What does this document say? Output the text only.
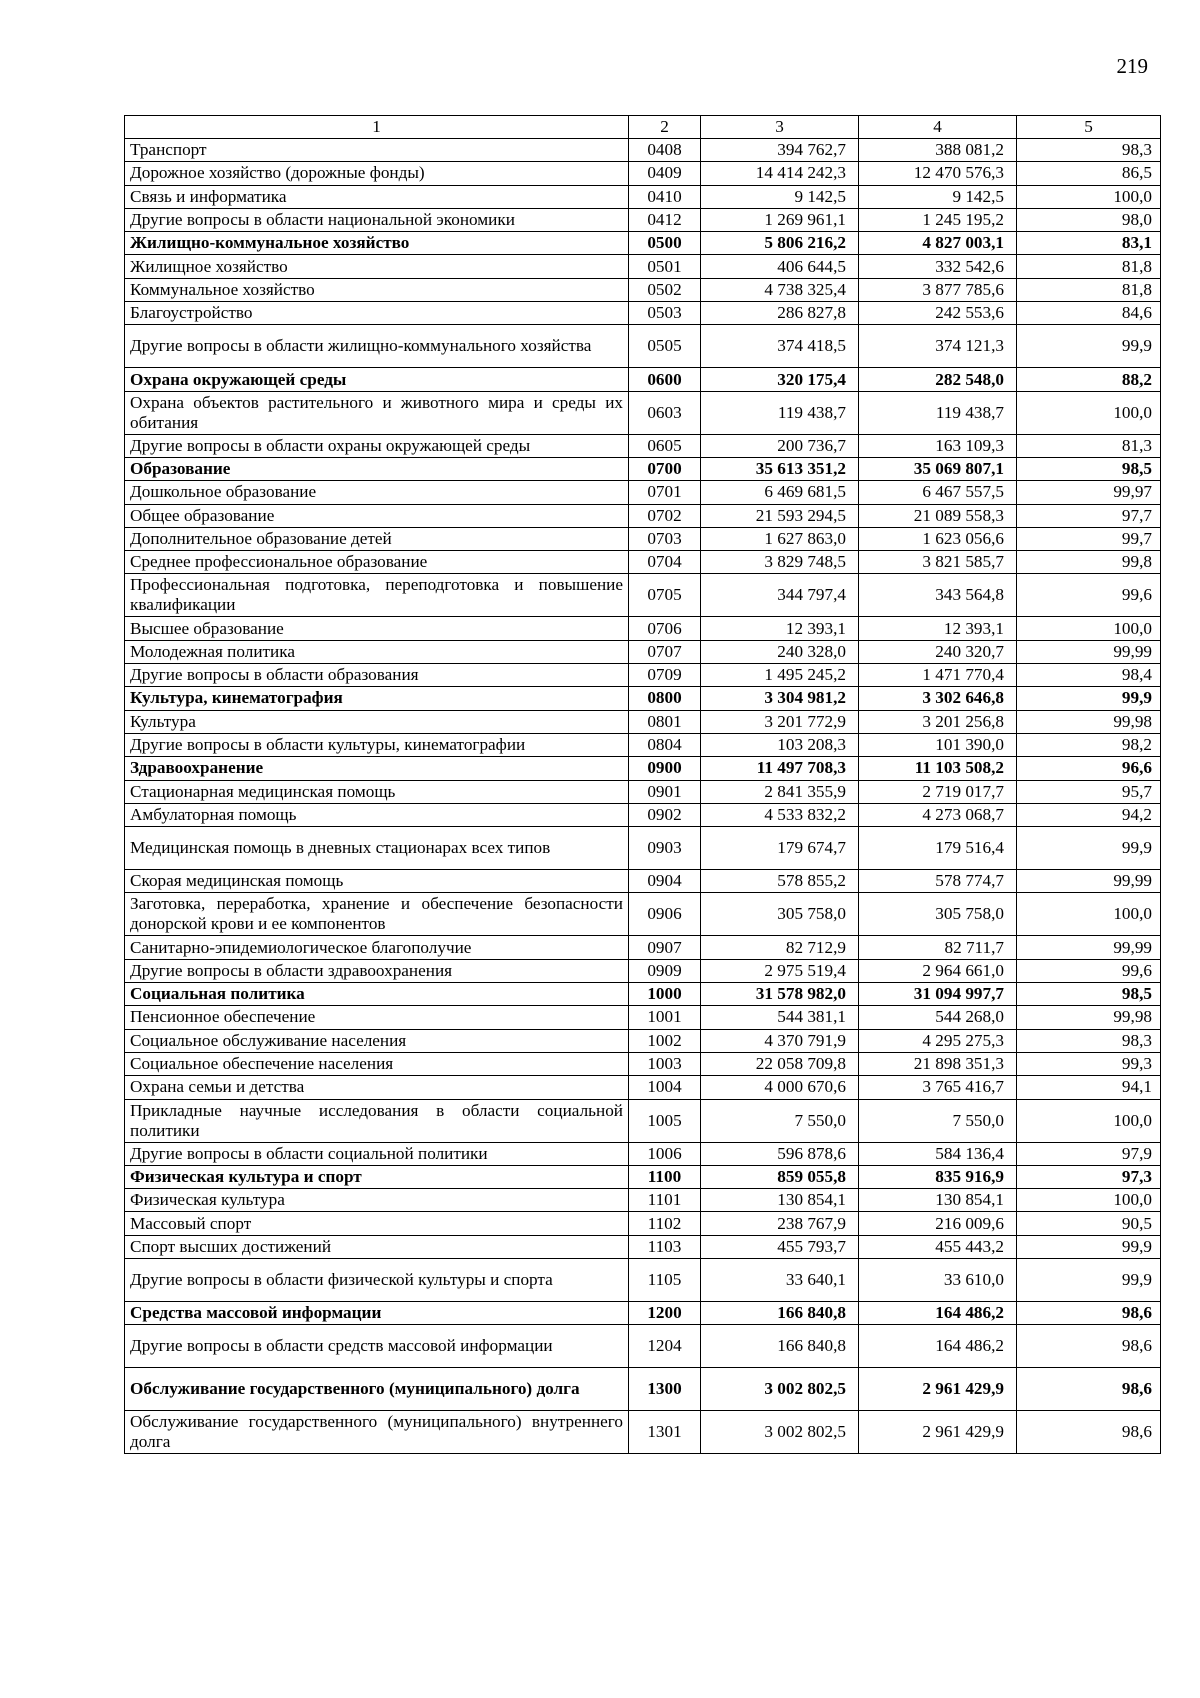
219
1	2	3	4	5
Транспорт	0408	394 762,7	388 081,2	98,3
Дорожное хозяйство (дорожные фонды)	0409	14 414 242,3	12 470 576,3	86,5
Связь и информатика	0410	9 142,5	9 142,5	100,0
Другие вопросы в области национальной экономики	0412	1 269 961,1	1 245 195,2	98,0
Жилищно-коммунальное хозяйство	0500	5 806 216,2	4 827 003,1	83,1
Жилищное хозяйство	0501	406 644,5	332 542,6	81,8
Коммунальное хозяйство	0502	4 738 325,4	3 877 785,6	81,8
Благоустройство	0503	286 827,8	242 553,6	84,6
Другие вопросы в области жилищно-коммунального хозяйства	0505	374 418,5	374 121,3	99,9
Охрана окружающей среды	0600	320 175,4	282 548,0	88,2
Охрана объектов растительного и животного мира и среды их обитания	0603	119 438,7	119 438,7	100,0
Другие вопросы в области охраны окружающей среды	0605	200 736,7	163 109,3	81,3
Образование	0700	35 613 351,2	35 069 807,1	98,5
Дошкольное образование	0701	6 469 681,5	6 467 557,5	99,97
Общее образование	0702	21 593 294,5	21 089 558,3	97,7
Дополнительное образование детей	0703	1 627 863,0	1 623 056,6	99,7
Среднее профессиональное образование	0704	3 829 748,5	3 821 585,7	99,8
Профессиональная подготовка, переподготовка и повышение квалификации	0705	344 797,4	343 564,8	99,6
Высшее образование	0706	12 393,1	12 393,1	100,0
Молодежная политика	0707	240 328,0	240 320,7	99,99
Другие вопросы в области образования	0709	1 495 245,2	1 471 770,4	98,4
Культура, кинематография	0800	3 304 981,2	3 302 646,8	99,9
Культура	0801	3 201 772,9	3 201 256,8	99,98
Другие вопросы в области культуры, кинематографии	0804	103 208,3	101 390,0	98,2
Здравоохранение	0900	11 497 708,3	11 103 508,2	96,6
Стационарная медицинская помощь	0901	2 841 355,9	2 719 017,7	95,7
Амбулаторная помощь	0902	4 533 832,2	4 273 068,7	94,2
Медицинская помощь в дневных стационарах всех типов	0903	179 674,7	179 516,4	99,9
Скорая медицинская помощь	0904	578 855,2	578 774,7	99,99
Заготовка, переработка, хранение и обеспечение безопасности донорской крови и ее компонентов	0906	305 758,0	305 758,0	100,0
Санитарно-эпидемиологическое благополучие	0907	82 712,9	82 711,7	99,99
Другие вопросы в области здравоохранения	0909	2 975 519,4	2 964 661,0	99,6
Социальная политика	1000	31 578 982,0	31 094 997,7	98,5
Пенсионное обеспечение	1001	544 381,1	544 268,0	99,98
Социальное обслуживание населения	1002	4 370 791,9	4 295 275,3	98,3
Социальное обеспечение населения	1003	22 058 709,8	21 898 351,3	99,3
Охрана семьи и детства	1004	4 000 670,6	3 765 416,7	94,1
Прикладные научные исследования в области социальной политики	1005	7 550,0	7 550,0	100,0
Другие вопросы в области социальной политики	1006	596 878,6	584 136,4	97,9
Физическая культура и спорт	1100	859 055,8	835 916,9	97,3
Физическая культура	1101	130 854,1	130 854,1	100,0
Массовый спорт	1102	238 767,9	216 009,6	90,5
Спорт высших достижений	1103	455 793,7	455 443,2	99,9
Другие вопросы в области физической культуры и спорта	1105	33 640,1	33 610,0	99,9
Средства массовой информации	1200	166 840,8	164 486,2	98,6
Другие вопросы в области средств массовой информации	1204	166 840,8	164 486,2	98,6
Обслуживание государственного (муниципального) долга	1300	3 002 802,5	2 961 429,9	98,6
Обслуживание государственного (муниципального) внутреннего долга	1301	3 002 802,5	2 961 429,9	98,6
